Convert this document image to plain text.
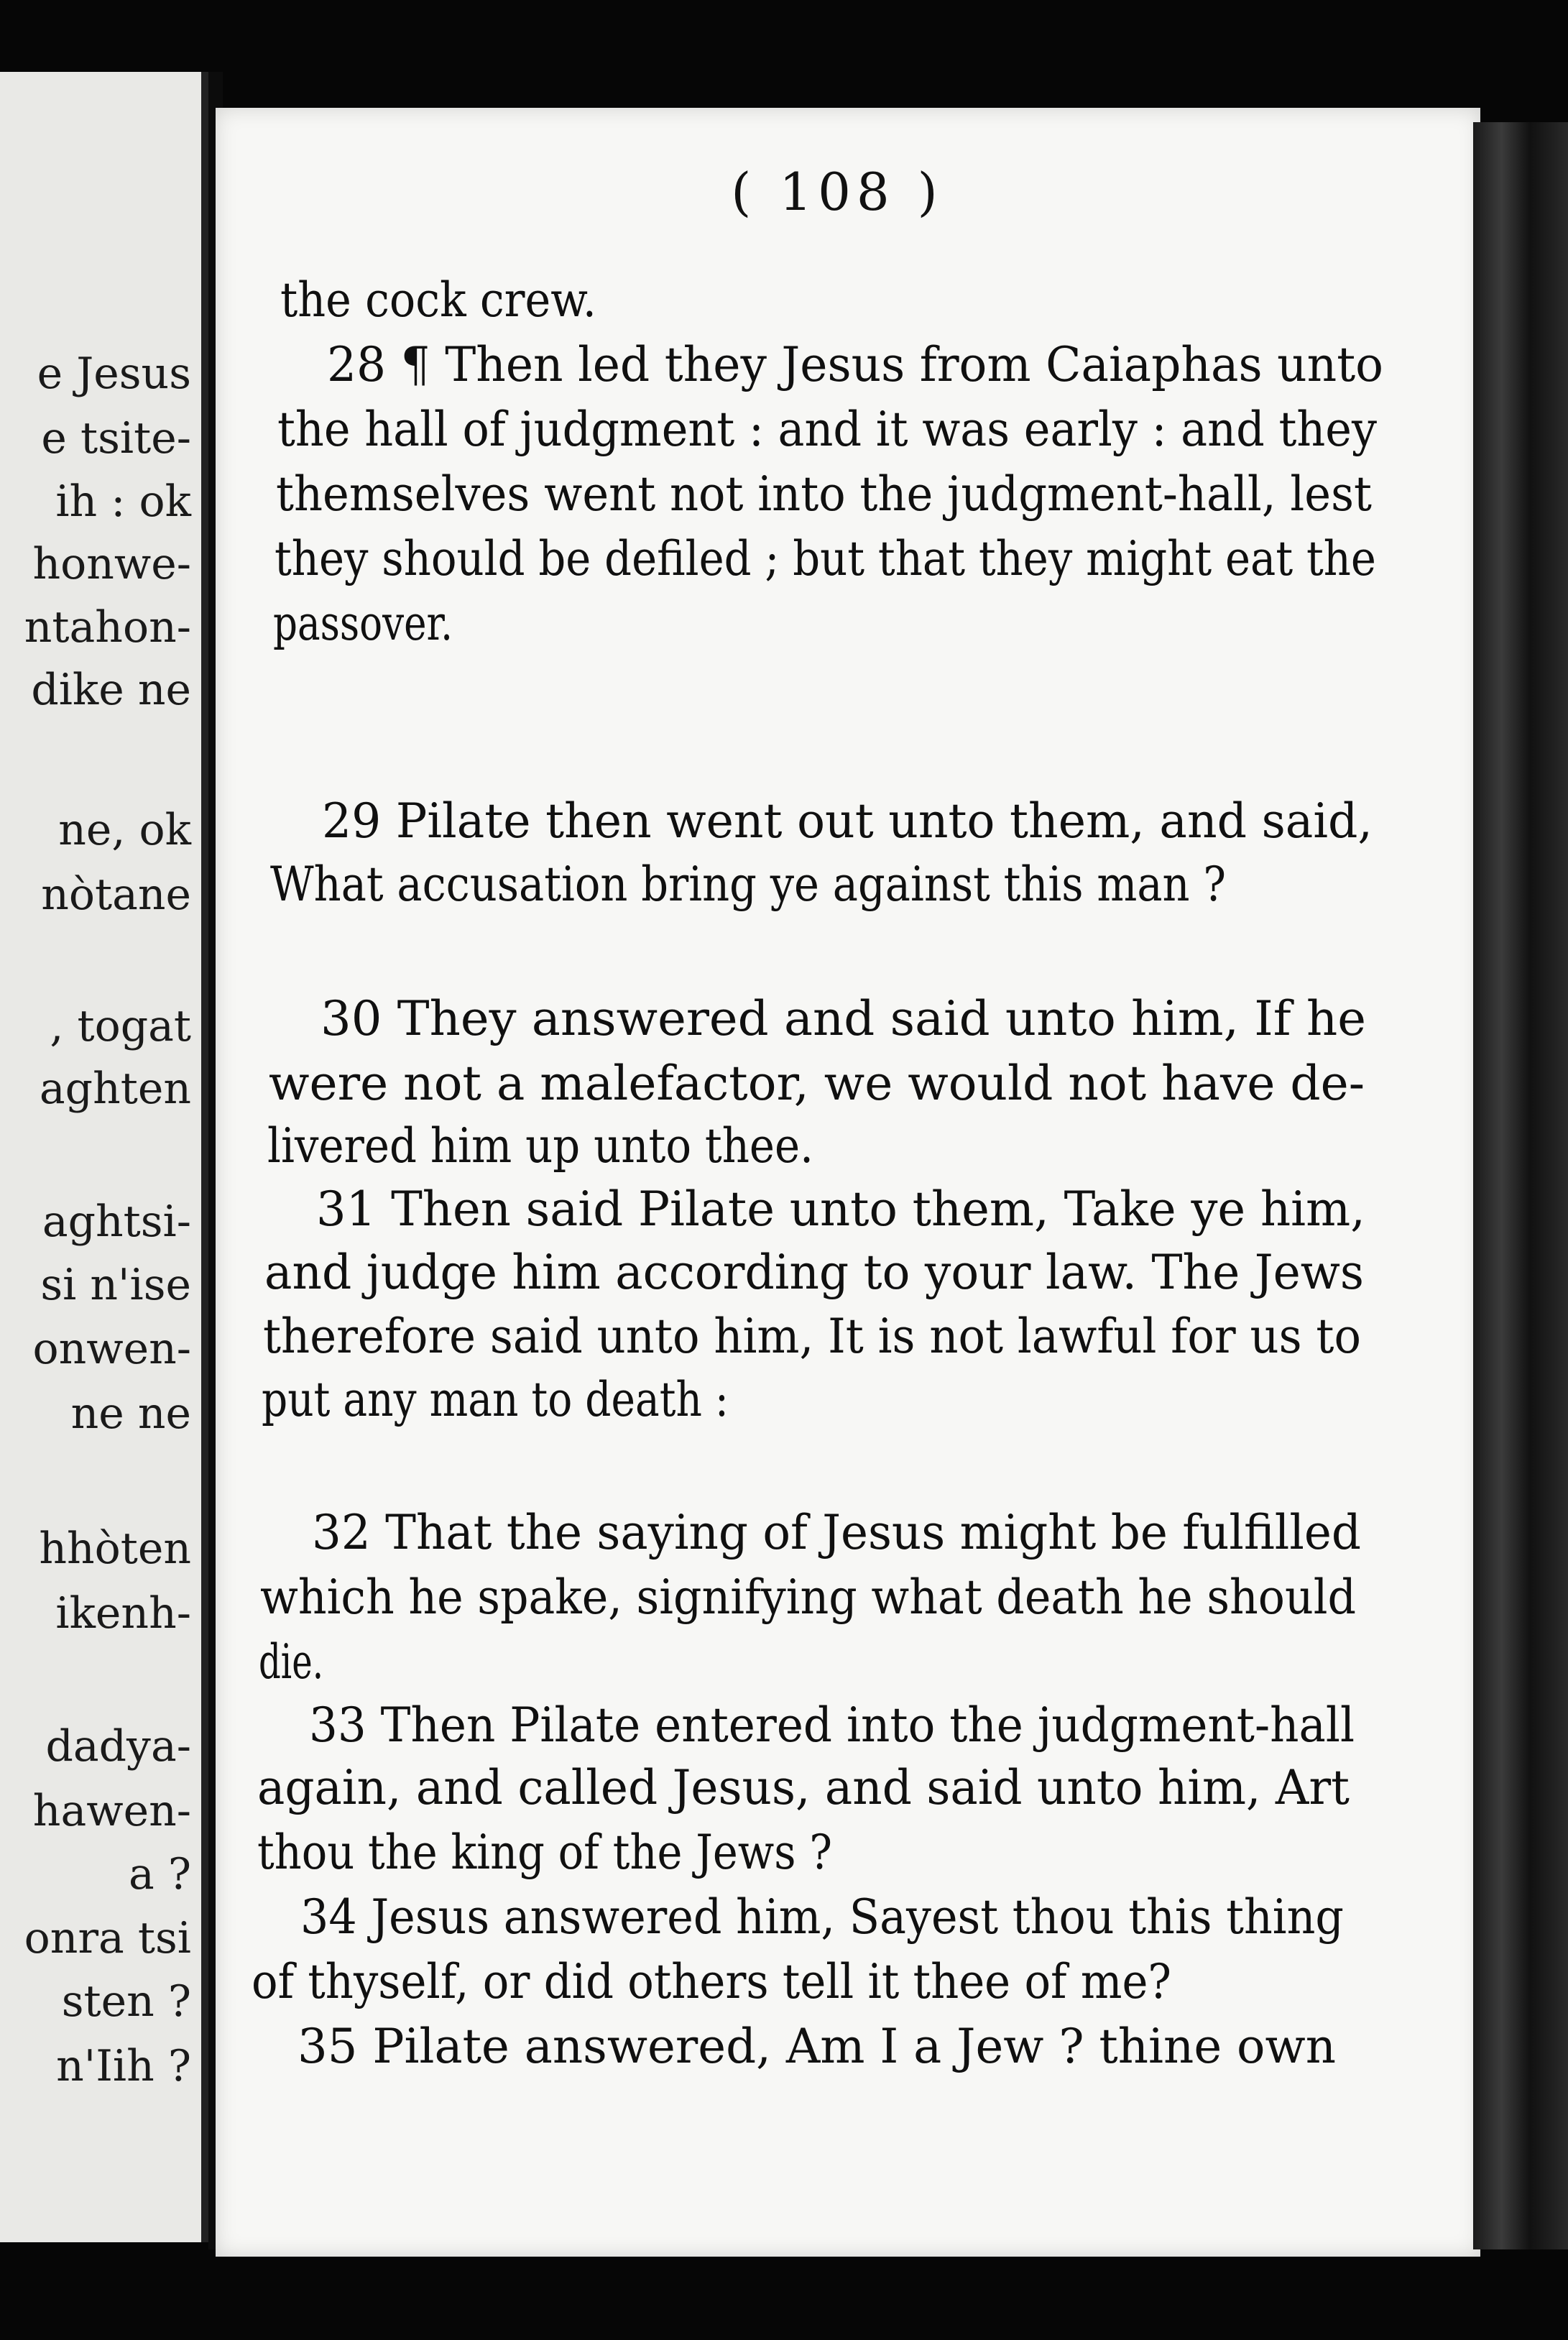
e Jesus
e tsite-
ih : ok
honwe-
ntahon-
dike ne
ne, ok
nòtane
, togat
aghten
aghtsi-
si n'ise
onwen-
ne ne
hhòten
ikenh-
dadya-
hawen-
a ?
onra tsi
sten ?
n'Iih ?
( 108 )
the cock crew.
28 ¶ Then led they Jesus from Caiaphas unto
the hall of judgment : and it was early : and they
themselves went not into the judgment-hall, lest
they should be defiled ; but that they might eat the
passover.
29 Pilate then went out unto them, and said,
What accusation bring ye against this man ?
30 They answered and said unto him, If he
were not a malefactor, we would not have de-
livered him up unto thee.
31 Then said Pilate unto them, Take ye him,
and judge him according to your law. The Jews
therefore said unto him, It is not lawful for us to
put any man to death :
32 That the saying of Jesus might be fulfilled
which he spake, signifying what death he should
die.
33 Then Pilate entered into the judgment-hall
again, and called Jesus, and said unto him, Art
thou the king of the Jews ?
34 Jesus answered him, Sayest thou this thing
of thyself, or did others tell it thee of me?
35 Pilate answered, Am I a Jew ? thine own
